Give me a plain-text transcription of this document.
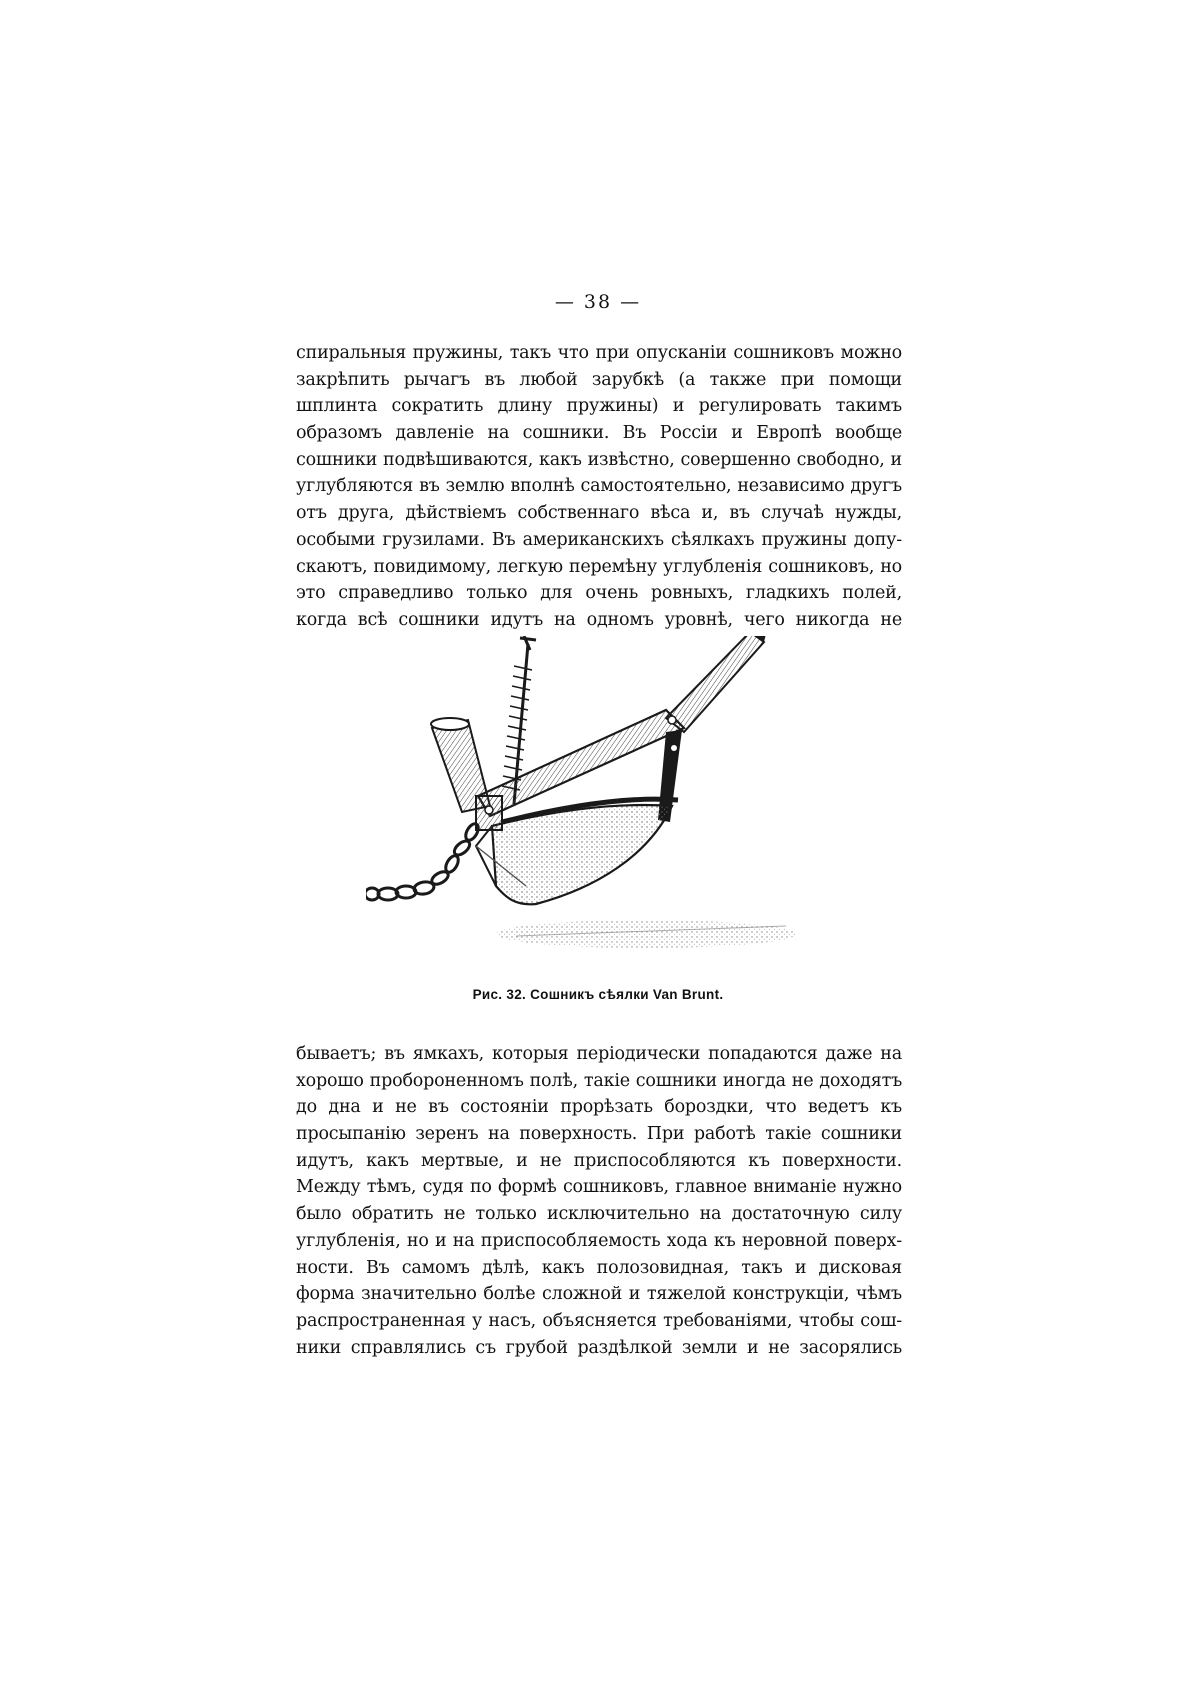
— 38 —
спиральныя пружины, такъ что при опусканіи сошниковъ можно
закрѣпить рычагъ въ любой зарубкѣ (а также при помощи
шплинта сократить длину пружины) и регулировать такимъ
образомъ давленіе на сошники. Въ Россіи и Европѣ вообще
сошники подвѣшиваются, какъ извѣстно, совершенно свободно, и
углубляются въ землю вполнѣ самостоятельно, независимо другъ
отъ друга, дѣйствіемъ собственнаго вѣса и, въ случаѣ нужды,
особыми грузилами. Въ американскихъ сѣялкахъ пружины допу-
скаютъ, повидимому, легкую перемѣну углубленія сошниковъ, но
это справедливо только для очень ровныхъ, гладкихъ полей,
когда всѣ сошники идутъ на одномъ уровнѣ, чего никогда не
Рис. 32. Сошникъ сѣялки Van Brunt.
бываетъ; въ ямкахъ, которыя періодически попадаются даже на
хорошо проборoненномъ полѣ, такіе сошники иногда не доходятъ
до дна и не въ состояніи прорѣзать бороздки, что ведетъ къ
просыпанію зеренъ на поверхность. При работѣ такіе сошники
идутъ, какъ мертвые, и не приспособляются къ поверхности.
Между тѣмъ, судя по формѣ сошниковъ, главное вниманіе нужно
было обратить не только исключительно на достаточную силу
углубленія, но и на приспособляемость хода къ неровной поверх-
ности. Въ самомъ дѣлѣ, какъ полозовидная, такъ и дисковая
форма значительно болѣе сложной и тяжелой конструкціи, чѣмъ
распространенная у насъ, объясняется требованіями, чтобы сош-
ники справлялись съ грубой раздѣлкой земли и не засорялись
